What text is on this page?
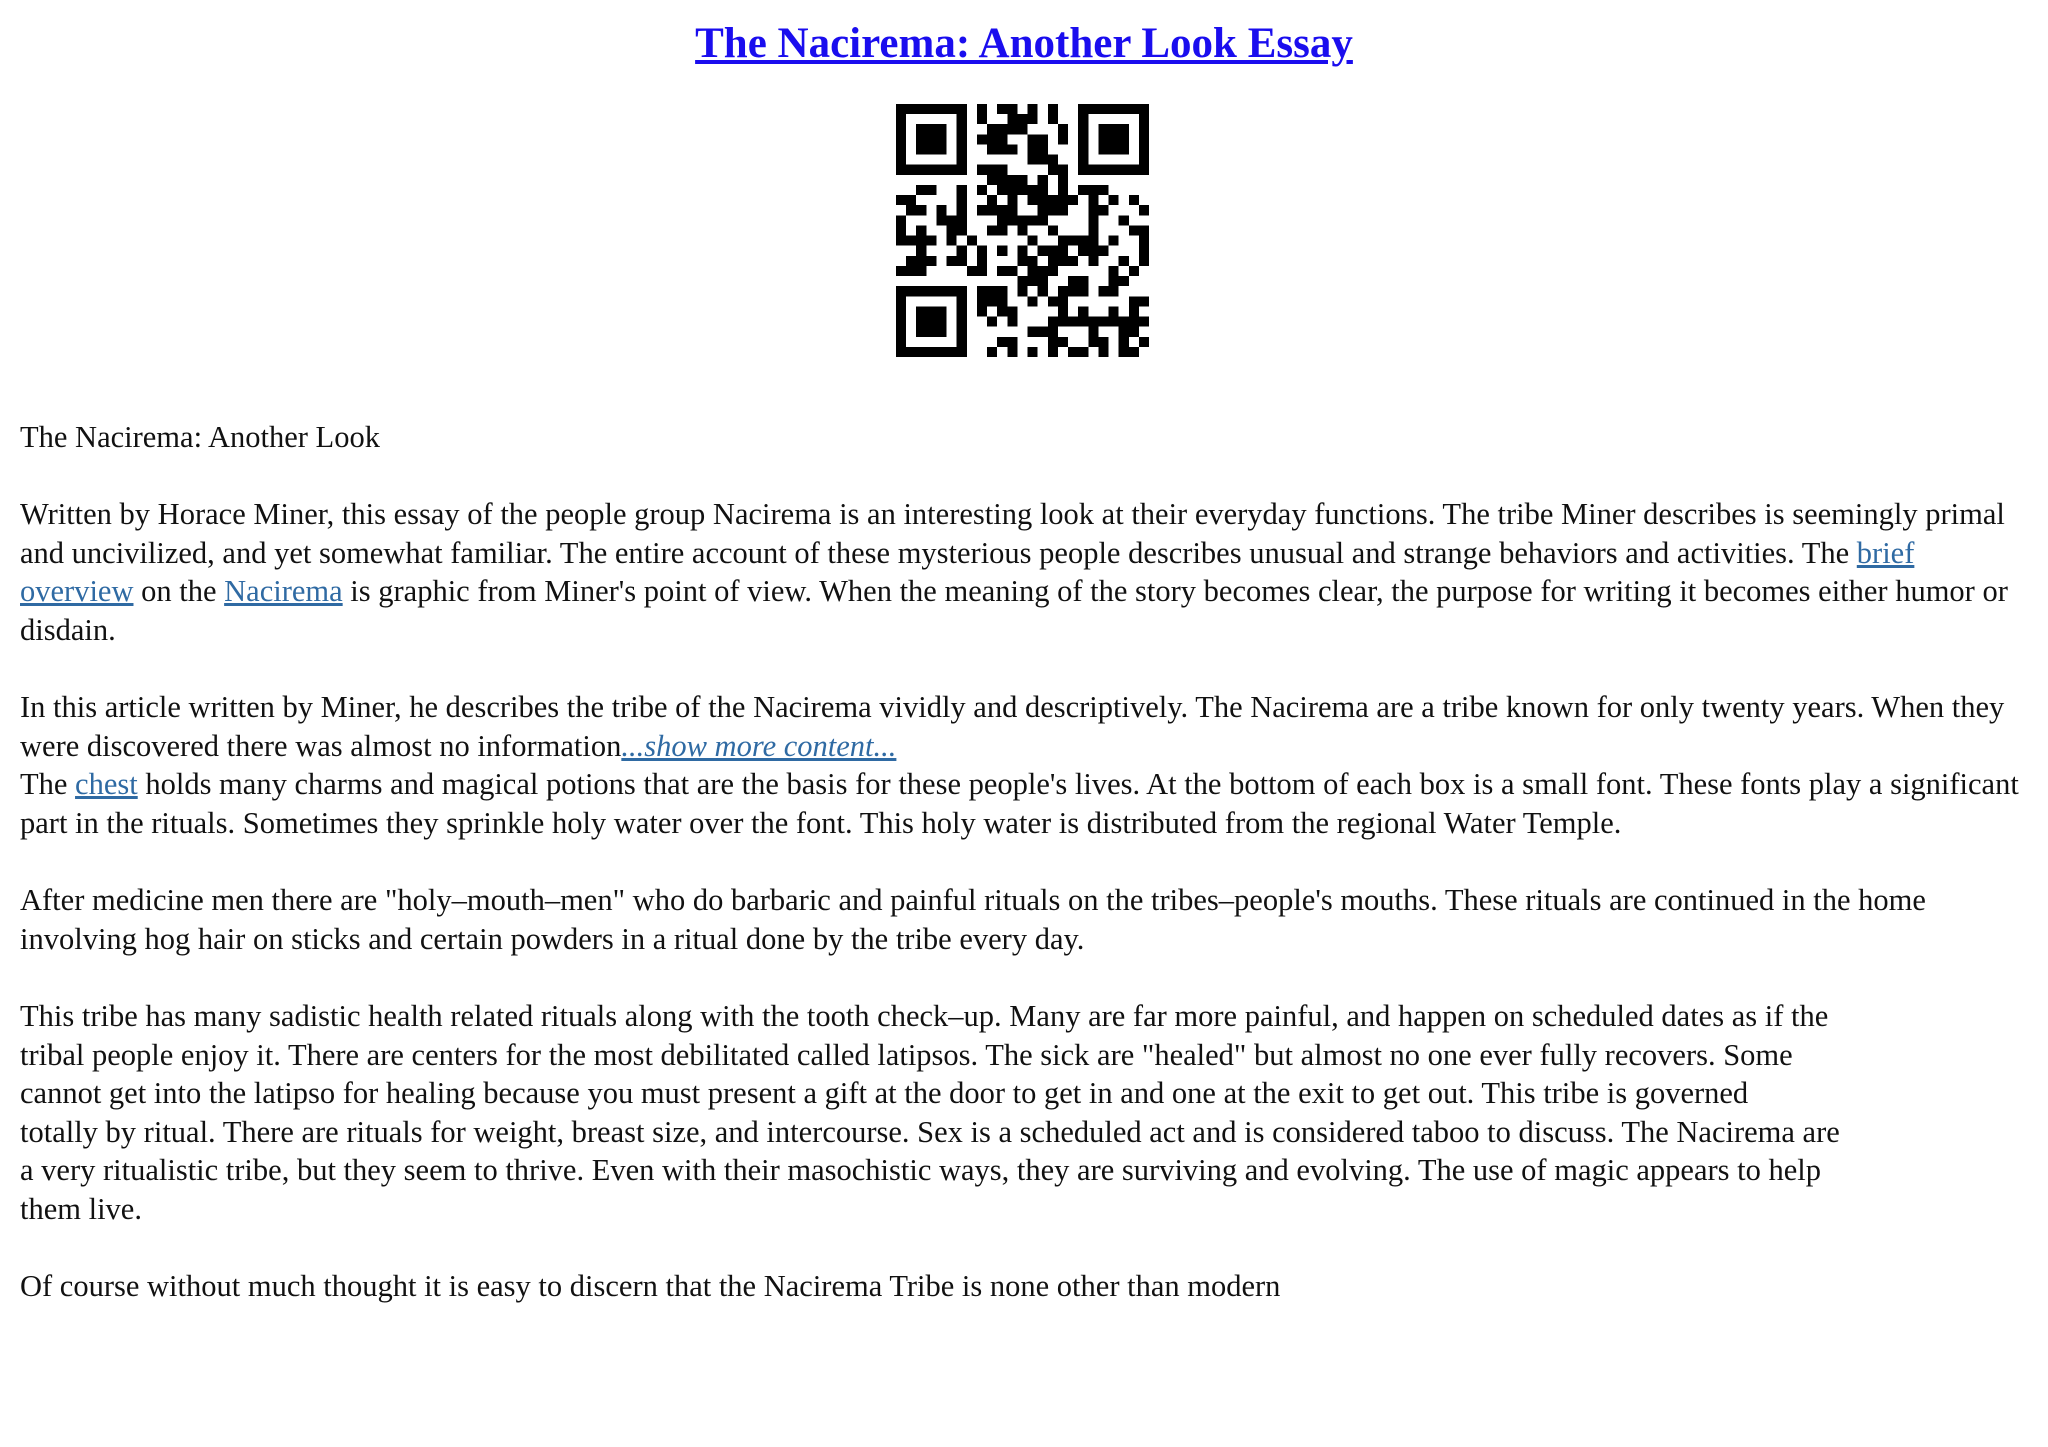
The Nacirema: Another Look Essay

The Nacirema: Another Look

Written by Horace Miner, this essay of the people group Nacirema is an interesting look at their everyday functions. The tribe Miner describes is seemingly primal and uncivilized, and yet somewhat familiar. The entire account of these mysterious people describes unusual and strange behaviors and activities. The brief overview on the Nacirema is graphic from Miner's point of view. When the meaning of the story becomes clear, the purpose for writing it becomes either humor or disdain.

In this article written by Miner, he describes the tribe of the Nacirema vividly and descriptively. The Nacirema are a tribe known for only twenty years. When they were discovered there was almost no information...show more content...

The chest holds many charms and magical potions that are the basis for these people's lives. At the bottom of each box is a small font. These fonts play a significant part in the rituals. Sometimes they sprinkle holy water over the font. This holy water is distributed from the regional Water Temple.

After medicine men there are "holy–mouth–men" who do barbaric and painful rituals on the tribes–people's mouths. These rituals are continued in the home involving hog hair on sticks and certain powders in a ritual done by the tribe every day.

This tribe has many sadistic health related rituals along with the tooth check–up. Many are far more painful, and happen on scheduled dates as if the
tribal people enjoy it. There are centers for the most debilitated called latipsos. The sick are "healed" but almost no one ever fully recovers. Some
cannot get into the latipso for healing because you must present a gift at the door to get in and one at the exit to get out. This tribe is governed
totally by ritual. There are rituals for weight, breast size, and intercourse. Sex is a scheduled act and is considered taboo to discuss. The Nacirema are
a very ritualistic tribe, but they seem to thrive. Even with their masochistic ways, they are surviving and evolving. The use of magic appears to help
them live.

Of course without much thought it is easy to discern that the Nacirema Tribe is none other than modern
